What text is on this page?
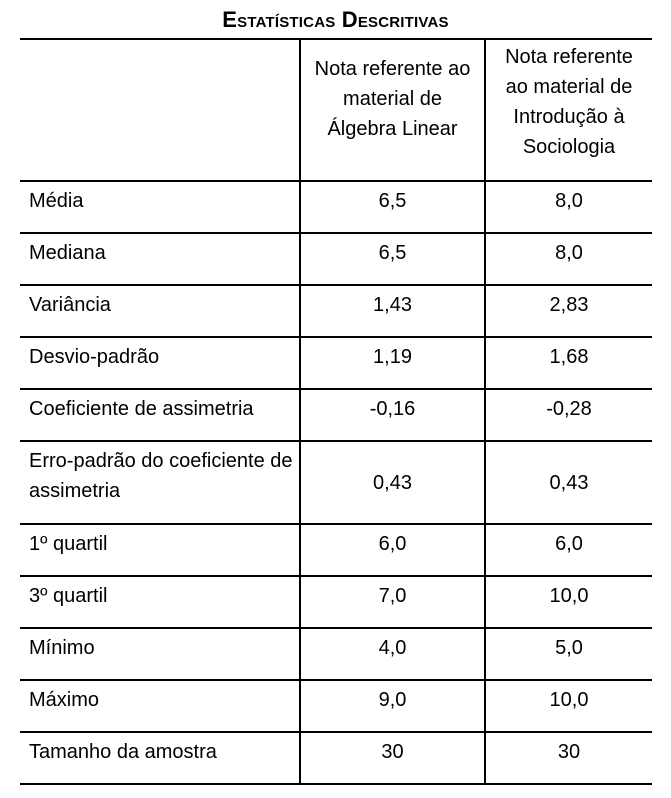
Estatísticas Descritivas
	Nota referente ao material de Álgebra Linear	Nota referente ao material de Introdução à Sociologia
Média	6,5	8,0
Mediana	6,5	8,0
Variância	1,43	2,83
Desvio-padrão	1,19	1,68
Coeficiente de assimetria	-0,16	-0,28
Erro-padrão do coeficiente de assimetria	0,43	0,43
1º quartil	6,0	6,0
3º quartil	7,0	10,0
Mínimo	4,0	5,0
Máximo	9,0	10,0
Tamanho da amostra	30	30
